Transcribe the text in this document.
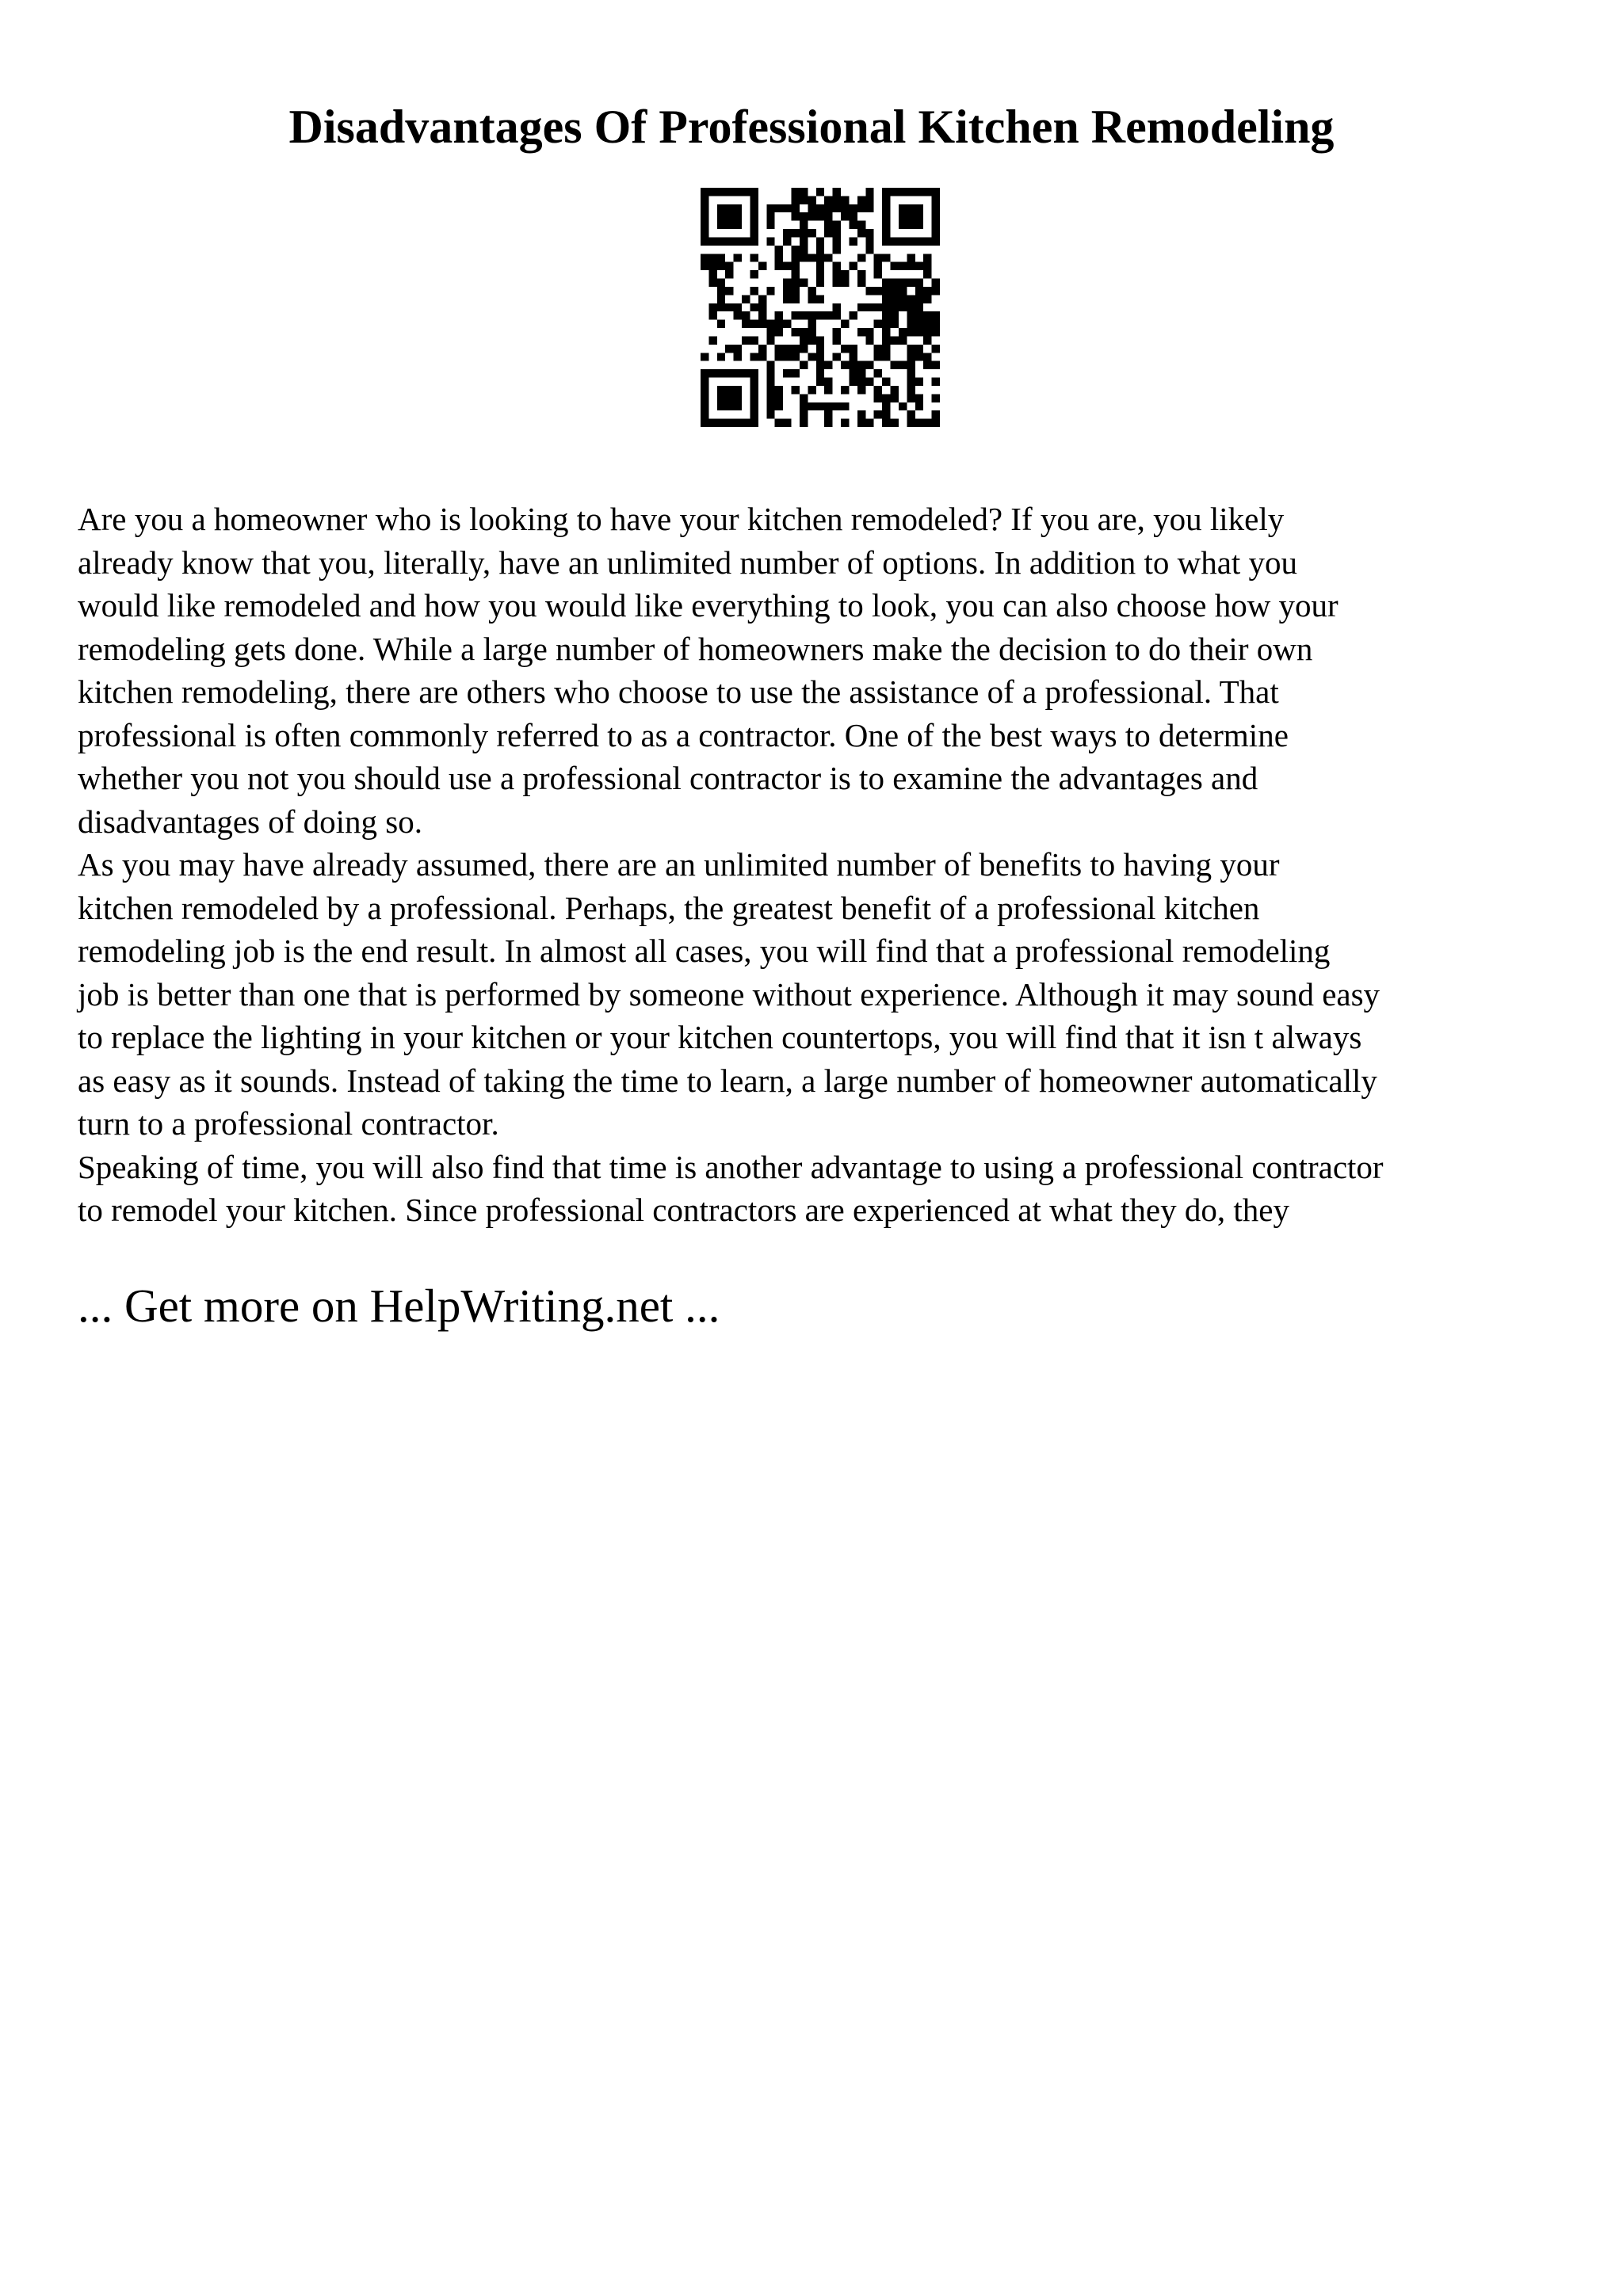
Disadvantages Of Professional Kitchen Remodeling

Are you a homeowner who is looking to have your kitchen remodeled? If you are, you likely
already know that you, literally, have an unlimited number of options. In addition to what you
would like remodeled and how you would like everything to look, you can also choose how your
remodeling gets done. While a large number of homeowners make the decision to do their own
kitchen remodeling, there are others who choose to use the assistance of a professional. That
professional is often commonly referred to as a contractor. One of the best ways to determine
whether you not you should use a professional contractor is to examine the advantages and
disadvantages of doing so.

As you may have already assumed, there are an unlimited number of benefits to having your
kitchen remodeled by a professional. Perhaps, the greatest benefit of a professional kitchen
remodeling job is the end result. In almost all cases, you will find that a professional remodeling
job is better than one that is performed by someone without experience. Although it may sound easy
to replace the lighting in your kitchen or your kitchen countertops, you will find that it isn t always
as easy as it sounds. Instead of taking the time to learn, a large number of homeowner automatically
turn to a professional contractor.

Speaking of time, you will also find that time is another advantage to using a professional contractor
to remodel your kitchen. Since professional contractors are experienced at what they do, they

... Get more on HelpWriting.net ...
